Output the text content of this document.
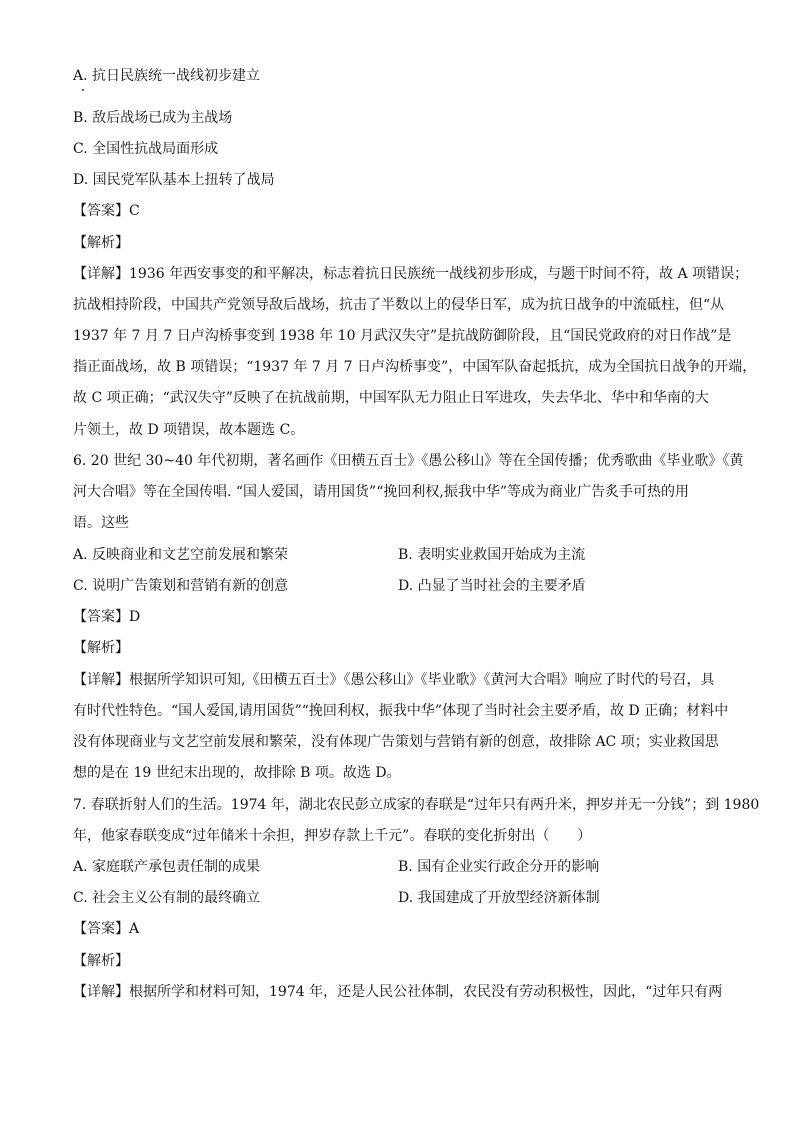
A. 抗日民族统一战线初步建立
B. 敌后战场已成为主战场
C. 全国性抗战局面形成
D. 国民党军队基本上扭转了战局
【答案】C
【解析】
【详解】1936 年西安事变的和平解决，标志着抗日民族统一战线初步形成，与题干时间不符，故 A 项错误；
抗战相持阶段，中国共产党领导敌后战场，抗击了半数以上的侵华日军，成为抗日战争的中流砥柱，但“从
1937 年 7 月 7 日卢沟桥事变到 1938 年 10 月武汉失守”是抗战防御阶段，且“国民党政府的对日作战”是
指正面战场，故 B 项错误；“1937 年 7 月 7 日卢沟桥事变”，中国军队奋起抵抗，成为全国抗日战争的开端，
故 C 项正确；“武汉失守”反映了在抗战前期，中国军队无力阻止日军进攻，失去华北、华中和华南的大
片领土，故 D 项错误，故本题选 C。
6. 20 世纪 30~40 年代初期，著名画作《田横五百士》《愚公移山》等在全国传播；优秀歌曲《毕业歌》《黄
河大合唱》等在全国传唱. “国人爱国，请用国货”“挽回利权,振我中华”等成为商业广告炙手可热的用
语。这些
A. 反映商业和文艺空前发展和繁荣	B. 表明实业救国开始成为主流
C. 说明广告策划和营销有新的创意	D. 凸显了当时社会的主要矛盾
【答案】D
【解析】
【详解】根据所学知识可知,《田横五百士》《愚公移山》《毕业歌》《黄河大合唱》响应了时代的号召，具
有时代性特色。“国人爱国,请用国货”“挽回利权，振我中华”体现了当时社会主要矛盾，故 D 正确；材料中
没有体现商业与文艺空前发展和繁荣，没有体现广告策划与营销有新的创意，故排除 AC 项；实业救国思
想的是在 19 世纪末出现的，故排除 B 项。故选 D。
7. 春联折射人们的生活。1974 年，湖北农民彭立成家的春联是“过年只有两升米，押岁并无一分钱”；到 1980
年，他家春联变成“过年储米十余担，押岁存款上千元”。春联的变化折射出（　　）
A. 家庭联产承包责任制的成果	B. 国有企业实行政企分开的影响
C. 社会主义公有制的最终确立	D. 我国建成了开放型经济新体制
【答案】A
【解析】
【详解】根据所学和材料可知，1974 年，还是人民公社体制，农民没有劳动积极性，因此，“过年只有两
